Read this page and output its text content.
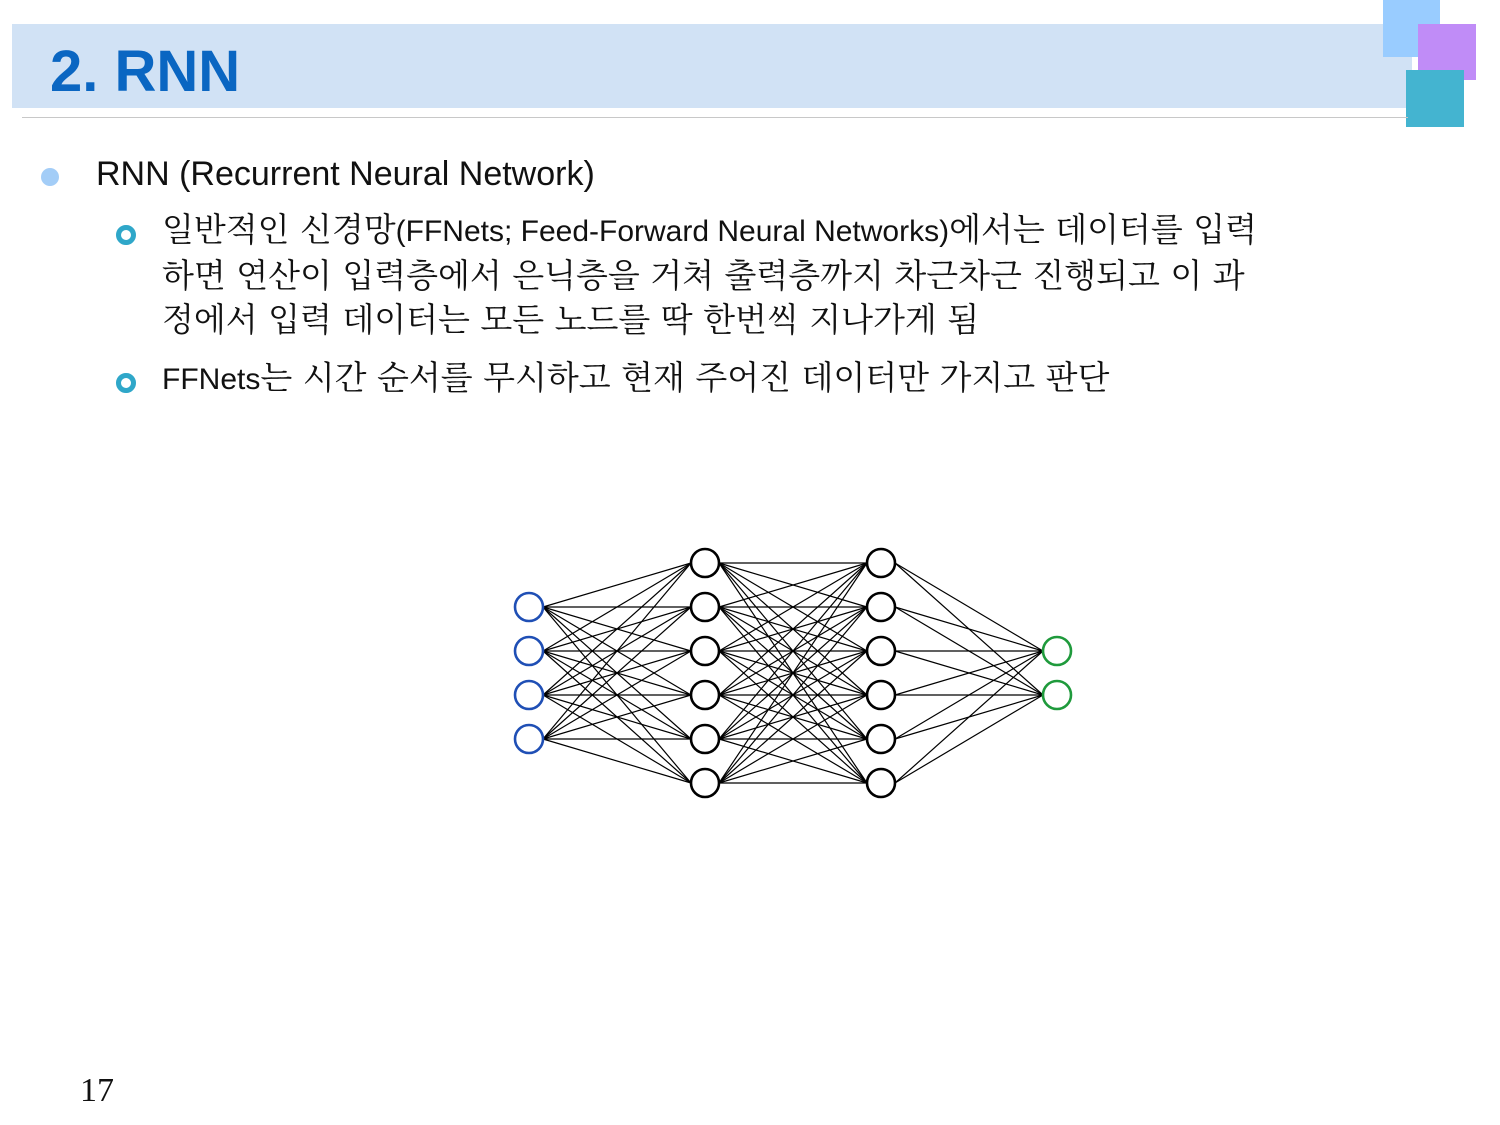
2. RNN
RNN (Recurrent Neural Network)
일반적인 신경망(FFNets; Feed-Forward Neural Networks)에서는 데이터를 입력
하면 연산이 입력층에서 은닉층을 거쳐 출력층까지 차근차근 진행되고 이 과
정에서 입력 데이터는 모든 노드를 딱 한번씩 지나가게 됨
FFNets는 시간 순서를 무시하고 현재 주어진 데이터만 가지고 판단
17
